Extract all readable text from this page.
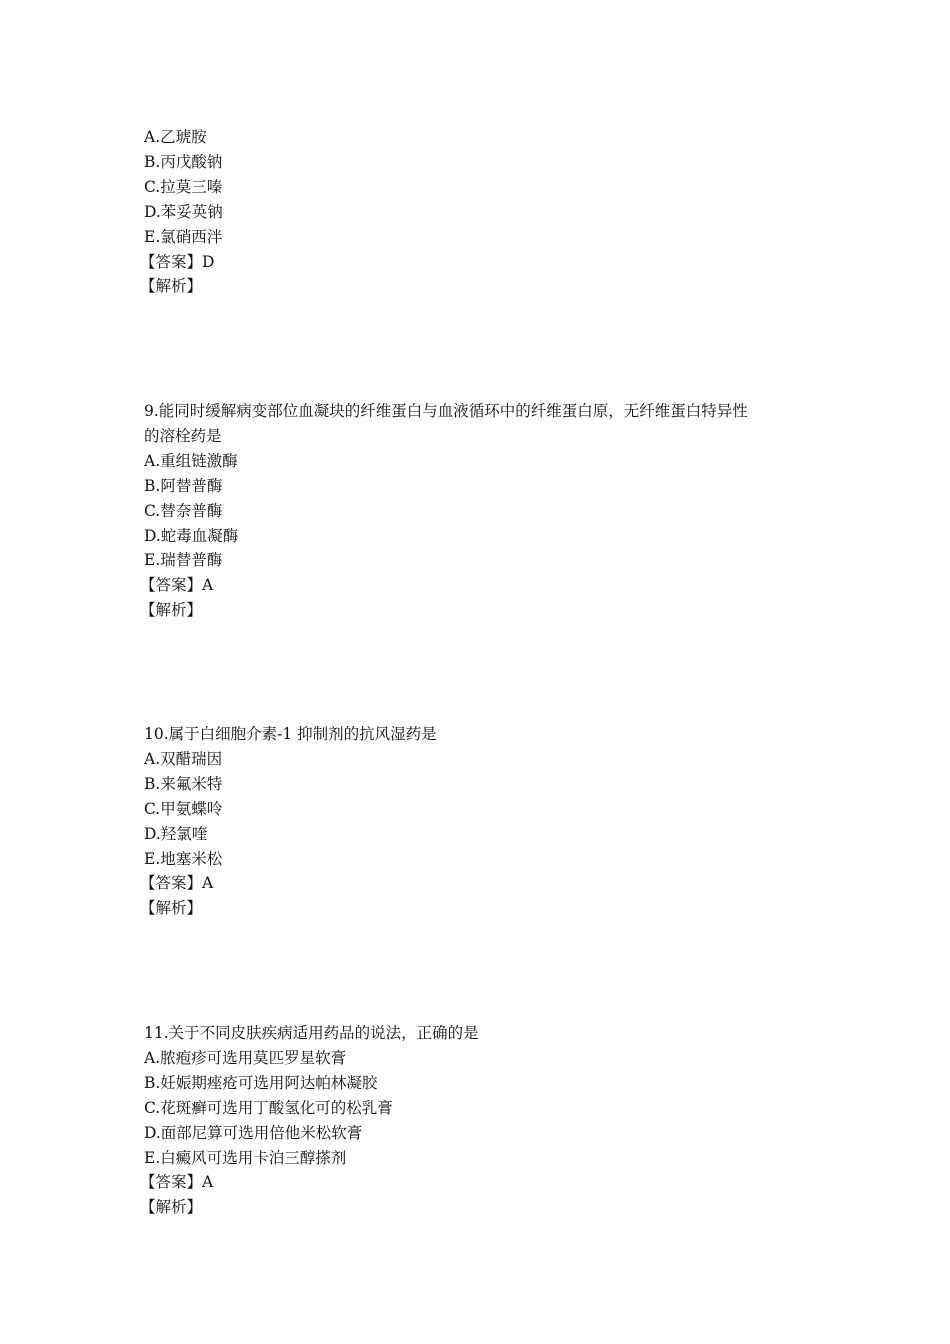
A.乙琥胺
B.丙戊酸钠
C.拉莫三嗪
D.苯妥英钠
E.氯硝西泮
【答案】D
【解析】
9.能同时缓解病变部位血凝块的纤维蛋白与血液循环中的纤维蛋白原，无纤维蛋白特异性
的溶栓药是
A.重组链激酶
B.阿替普酶
C.替奈普酶
D.蛇毒血凝酶
E.瑞替普酶
【答案】A
【解析】
10.属于白细胞介素-1 抑制剂的抗风湿药是
A.双醋瑞因
B.来氟米特
C.甲氨蝶呤
D.羟氯喹
E.地塞米松
【答案】A
【解析】
11.关于不同皮肤疾病适用药品的说法，正确的是
A.脓疱疹可选用莫匹罗星软膏
B.妊娠期痤疮可选用阿达帕林凝胶
C.花斑癣可选用丁酸氢化可的松乳膏
D.面部尼算可选用倍他米松软膏
E.白癜风可选用卡泊三醇搽剂
【答案】A
【解析】
